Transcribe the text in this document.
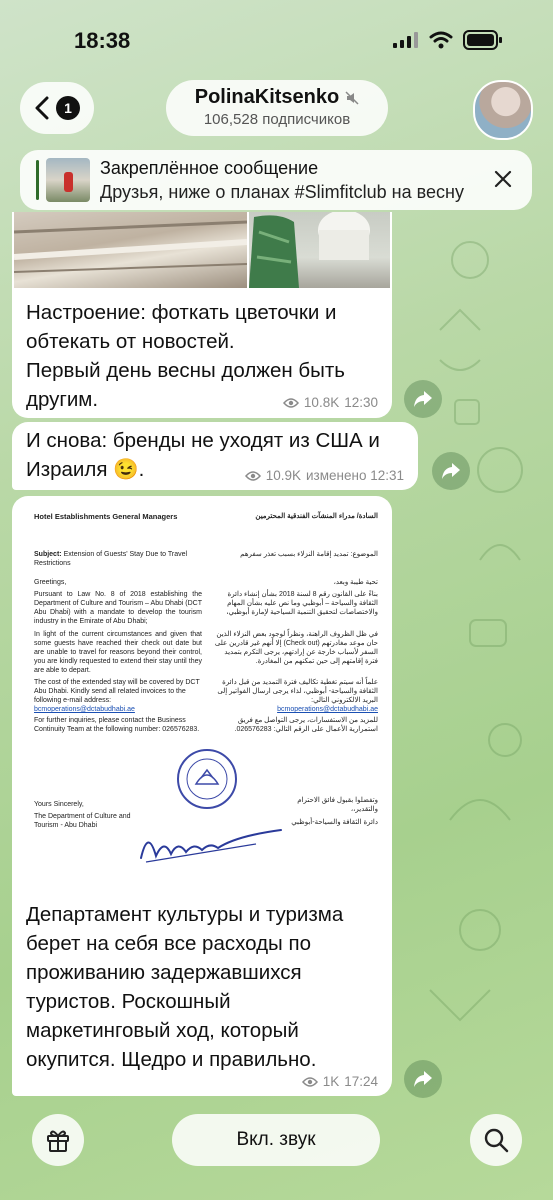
18:38
1	PolinaKitsenko
106,528 подписчиков
Закреплённое сообщение
Друзья, ниже о планах #Slimfitclub на весну
Настроение: фоткать цветочки и
обтекать от новостей.
Первый день весны должен быть
другим.	10.8K 12:30
И снова: бренды не уходят из США и
Израиля 😉.	10.9K изменено 12:31
Департамент культуры и туризма
берет на себя все расходы по
проживанию задержавшихся
туристов. Роскошный
маркетинговый ход, который
окупится. Щедро и правильно.
1K 17:24
Hotel Establishments General Managers	السادة/ مدراء المنشآت الفندقية المحترمين
Subject: Extension of Guests' Stay Due to Travel Restrictions
الموضوع: تمديد إقامة النزلاء بسبب تعذر سفرهم
Greetings,	تحية طيبة وبعد،
Pursuant to Law No. 8 of 2018 establishing the Department of Culture and Tourism – Abu Dhabi (DCT Abu Dhabi) with a mandate to develop the tourism industry in the Emirate of Abu Dhabi;
بناءً على القانون رقم 8 لسنة 2018 بشأن إنشاء دائرة الثقافة والسياحة – أبوظبي وما نص عليه بشأن المهام والاختصاصات لتحقيق التنمية السياحية لإمارة أبوظبي،
In light of the current circumstances and given that some guests have reached their check out date but are unable to travel for reasons beyond their control, you are kindly requested to extend their stay until they are able to depart.
في ظل الظروف الراهنة، ونظراً لوجود بعض النزلاء الذين حان موعد مغادرتهم (Check out) إلا أنهم غير قادرين على السفر لأسباب خارجة عن إرادتهم، يرجى التكرم بتمديد فترة إقامتهم إلى حين تمكنهم من المغادرة.
The cost of the extended stay will be covered by DCT Abu Dhabi. Kindly send all related invoices to the following e-mail address: bcmoperations@dctabudhabi.ae
علماً أنه سيتم تغطية تكاليف فترة التمديد من قبل دائرة الثقافة والسياحة- أبوظبي، لذاء يرجى ارسال الفواتير إلى البريد الالكتروني التالي: bcmoperations@dctabudhabi.ae
For further inquiries, please contact the Business Continuity Team at the following number: 026576283.
للمزيد من الاستفسارات، يرجى التواصل مع فريق استمرارية الأعمال على الرقم التالي: 026576283.
Yours Sincerely,
وتفضلوا بقبول فائق الاحترام والتقدير،،
The Department of Culture and Tourism - Abu Dhabi	دائرة الثقافة والسياحة-أبوظبي
Вкл. звук
